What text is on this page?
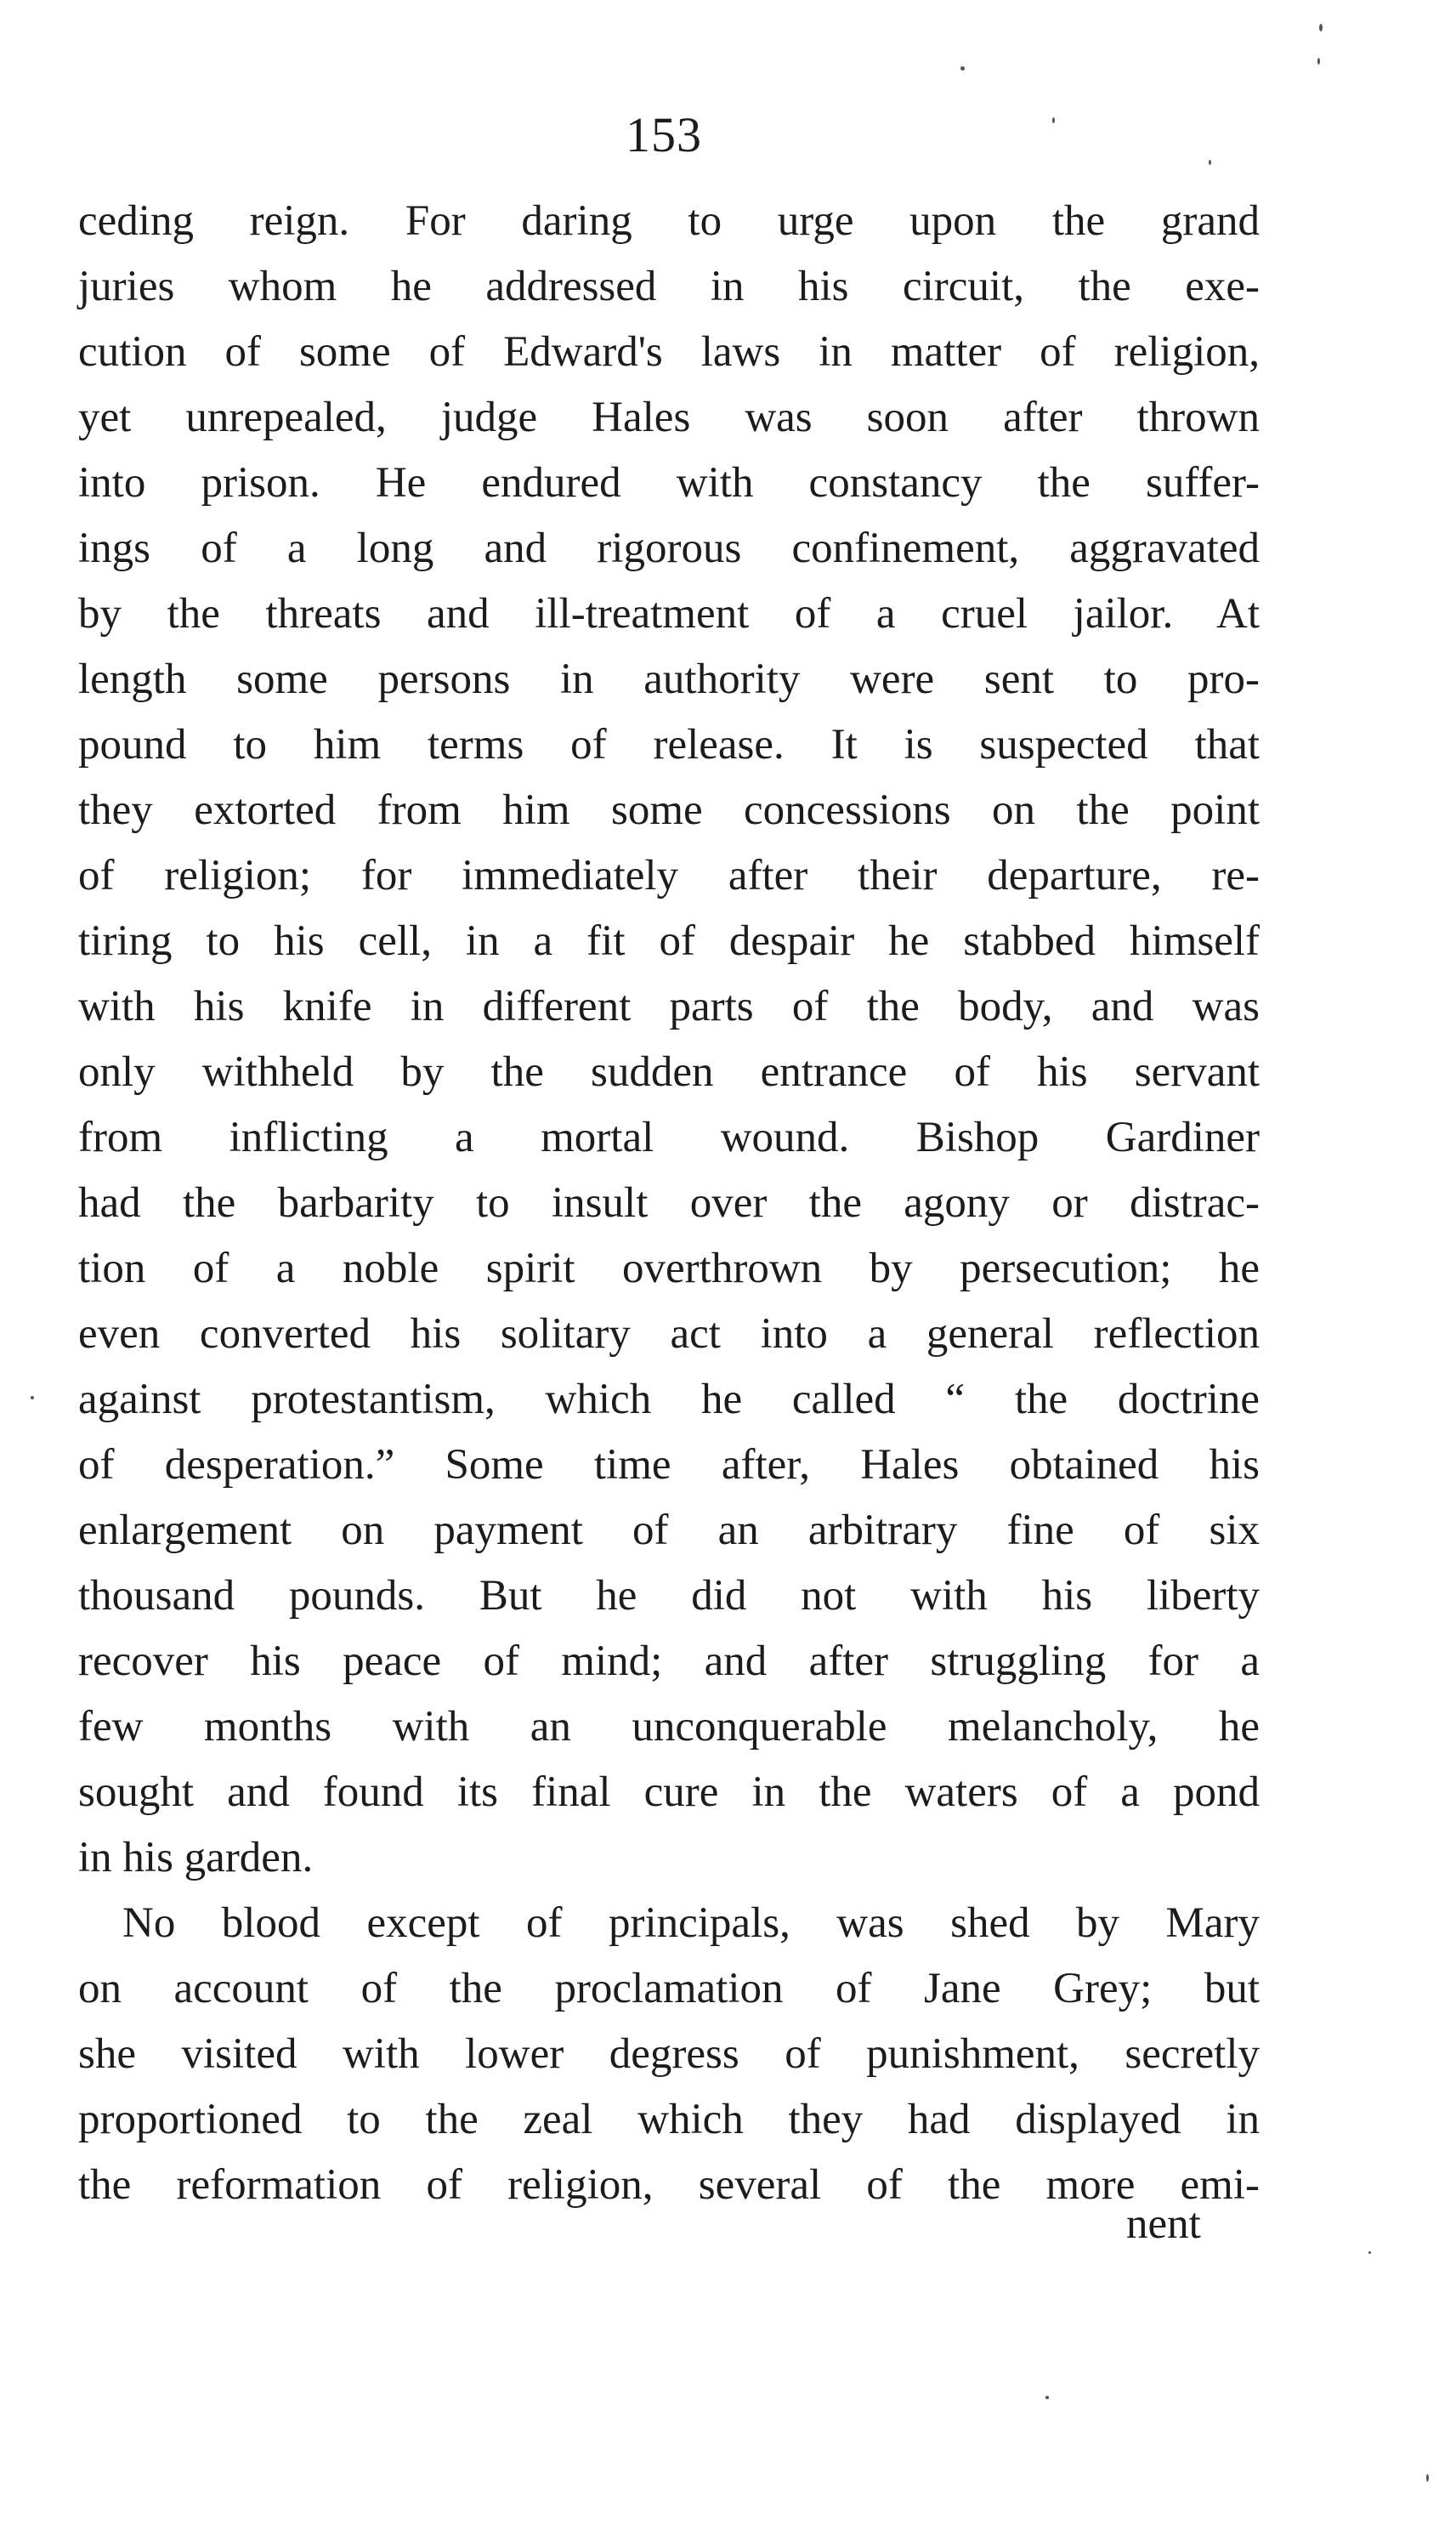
153
ceding reign. For daring to urge upon the grand
juries whom he addressed in his circuit, the exe-
cution of some of Edward's laws in matter of religion,
yet unrepealed, judge Hales was soon after thrown
into prison. He endured with constancy the suffer-
ings of a long and rigorous confinement, aggravated
by the threats and ill-treatment of a cruel jailor. At
length some persons in authority were sent to pro-
pound to him terms of release. It is suspected that
they extorted from him some concessions on the point
of religion; for immediately after their departure, re-
tiring to his cell, in a fit of despair he stabbed himself
with his knife in different parts of the body, and was
only withheld by the sudden entrance of his servant
from inflicting a mortal wound. Bishop Gardiner
had the barbarity to insult over the agony or distrac-
tion of a noble spirit overthrown by persecution; he
even converted his solitary act into a general reflection
against protestantism, which he called “ the doctrine
of desperation.” Some time after, Hales obtained his
enlargement on payment of an arbitrary fine of six
thousand pounds. But he did not with his liberty
recover his peace of mind; and after struggling for a
few months with an unconquerable melancholy, he
sought and found its final cure in the waters of a pond
in his garden.
No blood except of principals, was shed by Mary
on account of the proclamation of Jane Grey; but
she visited with lower degress of punishment, secretly
proportioned to the zeal which they had displayed in
the reformation of religion, several of the more emi-
nent
